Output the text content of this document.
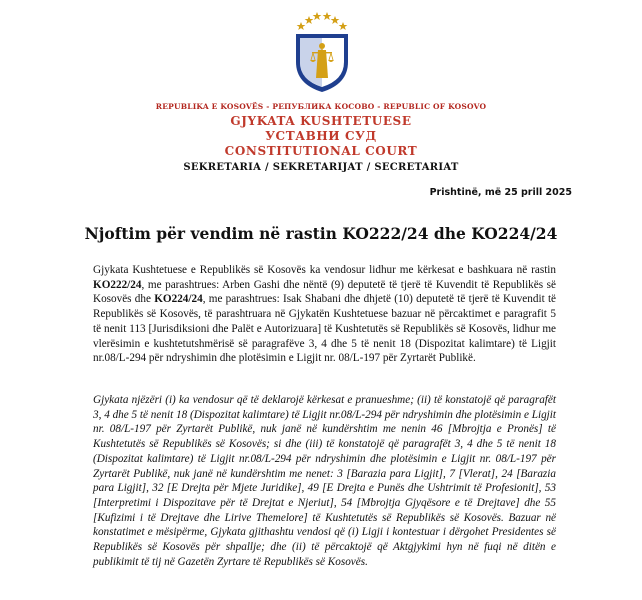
REPUBLIKA E KOSOVËS - РЕПУБЛИКА КОСОВО - REPUBLIC OF KOSOVO
GJYKATA KUSHTETUESE
УСТАВНИ СУД
CONSTITUTIONAL COURT
SEKRETARIA / SEKRETARIJAT / SECRETARIAT
Prishtinë, më 25 prill 2025
Njoftim për vendim në rastin KO222/24 dhe KO224/24
Gjykata Kushtetuese e Republikës së Kosovës ka vendosur lidhur me kërkesat e bashkuara në rastin KO222/24, me parashtrues: Arben Gashi dhe nëntë (9) deputetë të tjerë të Kuvendit të Republikës së Kosovës dhe KO224/24, me parashtrues: Isak Shabani dhe dhjetë (10) deputetë të tjerë të Kuvendit të Republikës së Kosovës, të parashtruara në Gjykatën Kushtetuese bazuar në përcaktimet e paragrafit 5 të nenit 113 [Jurisdiksioni dhe Palët e Autorizuara] të Kushtetutës së Republikës së Kosovës, lidhur me vlerësimin e kushtetutshmërisë së paragrafëve 3, 4 dhe 5 të nenit 18 (Dispozitat kalimtare) të Ligjit nr.08/L-294 për ndryshimin dhe plotësimin e Ligjit nr. 08/L-197 për Zyrtarët Publikë.
Gjykata njëzëri (i) ka vendosur që të deklarojë kërkesat e pranueshme; (ii) të konstatojë që paragrafët 3, 4 dhe 5 të nenit 18 (Dispozitat kalimtare) të Ligjit nr.08/L-294 për ndryshimin dhe plotësimin e Ligjit nr. 08/L-197 për Zyrtarët Publikë, nuk janë në kundërshtim me nenin 46 [Mbrojtja e Pronës] të Kushtetutës së Republikës së Kosovës; si dhe (iii) të konstatojë që paragrafët 3, 4 dhe 5 të nenit 18 (Dispozitat kalimtare) të Ligjit nr.08/L-294 për ndryshimin dhe plotësimin e Ligjit nr. 08/L-197 për Zyrtarët Publikë, nuk janë në kundërshtim me nenet: 3 [Barazia para Ligjit], 7 [Vlerat], 24 [Barazia para Ligjit], 32 [E Drejta për Mjete Juridike], 49 [E Drejta e Punës dhe Ushtrimit të Profesionit], 53 [Interpretimi i Dispozitave për të Drejtat e Njeriut], 54 [Mbrojtja Gjyqësore e të Drejtave] dhe 55 [Kufizimi i të Drejtave dhe Lirive Themelore] të Kushtetutës së Republikës së Kosovës. Bazuar në konstatimet e mësipërme, Gjykata gjithashtu vendosi që (i) Ligji i kontestuar i dërgohet Presidentes së Republikës së Kosovës për shpallje; dhe (ii) të përcaktojë që Aktgjykimi hyn në fuqi në ditën e publikimit të tij në Gazetën Zyrtare të Republikës së Kosovës.
